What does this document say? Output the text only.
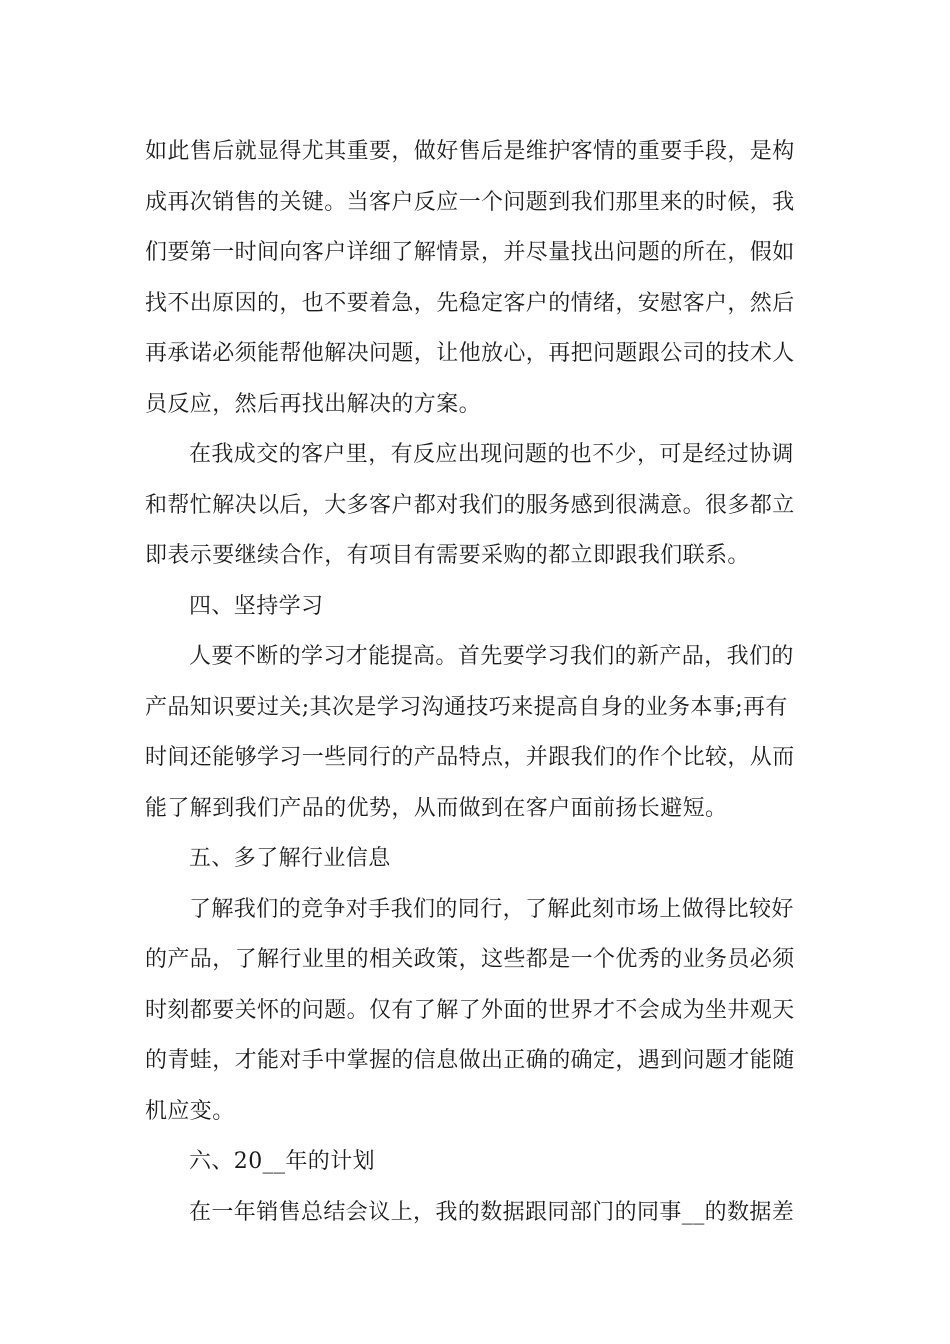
如此售后就显得尤其重要，做好售后是维护客情的重要手段，是构
成再次销售的关键。当客户反应一个问题到我们那里来的时候，我
们要第一时间向客户详细了解情景，并尽量找出问题的所在，假如
找不出原因的，也不要着急，先稳定客户的情绪，安慰客户，然后
再承诺必须能帮他解决问题，让他放心，再把问题跟公司的技术人
员反应，然后再找出解决的方案。

在我成交的客户里，有反应出现问题的也不少，可是经过协调
和帮忙解决以后，大多客户都对我们的服务感到很满意。很多都立
即表示要继续合作，有项目有需要采购的都立即跟我们联系。

四、坚持学习

人要不断的学习才能提高。首先要学习我们的新产品，我们的
产品知识要过关;其次是学习沟通技巧来提高自身的业务本事;再有
时间还能够学习一些同行的产品特点，并跟我们的作个比较，从而
能了解到我们产品的优势，从而做到在客户面前扬长避短。

五、多了解行业信息

了解我们的竞争对手我们的同行，了解此刻市场上做得比较好
的产品，了解行业里的相关政策，这些都是一个优秀的业务员必须
时刻都要关怀的问题。仅有了解了外面的世界才不会成为坐井观天
的青蛙，才能对手中掌握的信息做出正确的确定，遇到问题才能随
机应变。

六、20__年的计划

在一年销售总结会议上，我的数据跟同部门的同事__的数据差
